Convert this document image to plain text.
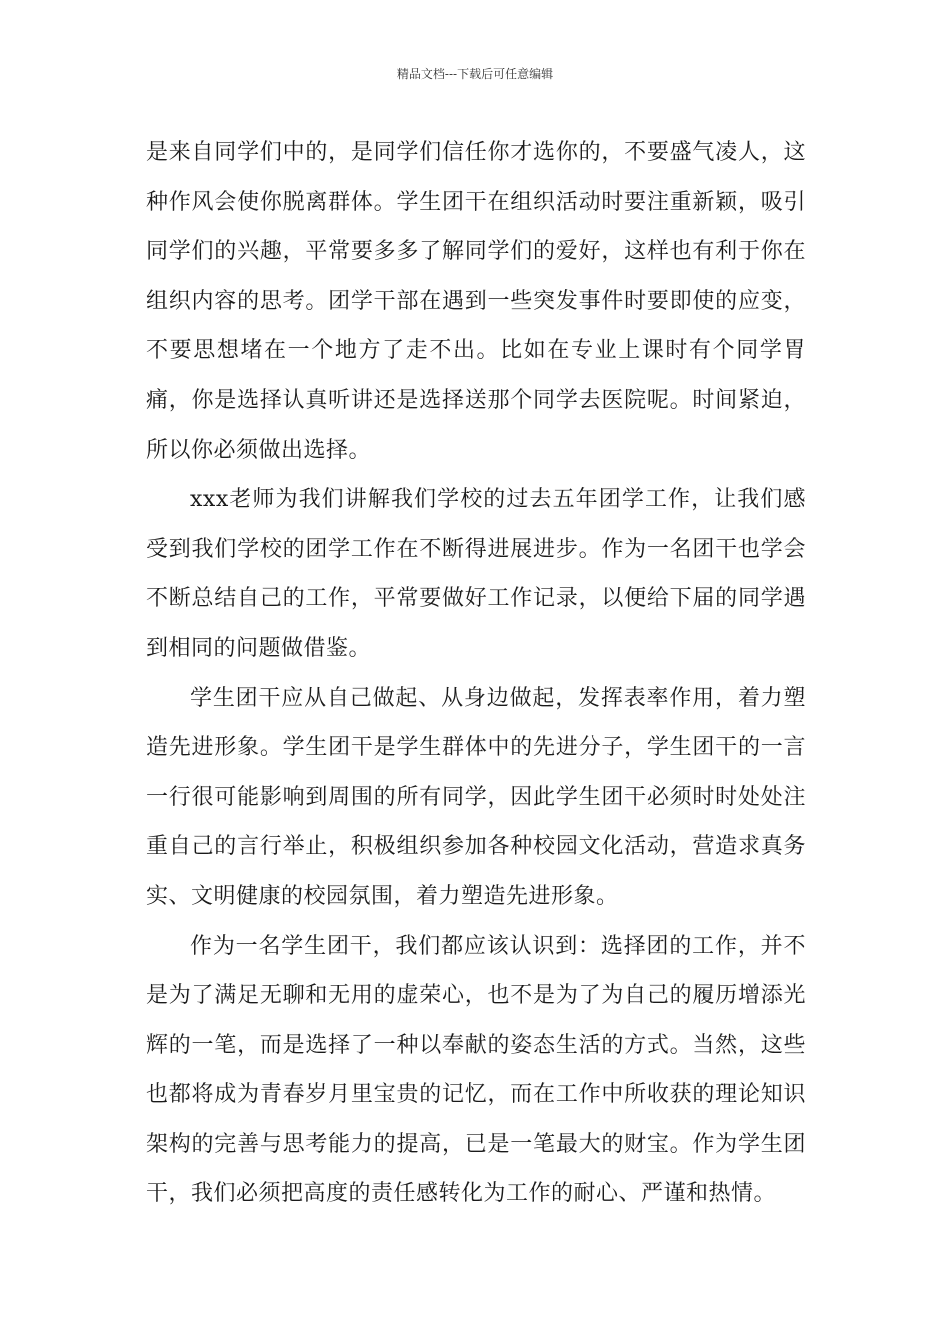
精品文档---下载后可任意编辑

是来自同学们中的，是同学们信任你才选你的，不要盛气凌人，这种作风会使你脱离群体。学生团干在组织活动时要注重新颖，吸引同学们的兴趣，平常要多多了解同学们的爱好，这样也有利于你在组织内容的思考。团学干部在遇到一些突发事件时要即使的应变，不要思想堵在一个地方了走不出。比如在专业上课时有个同学胃痛，你是选择认真听讲还是选择送那个同学去医院呢。时间紧迫，所以你必须做出选择。

xxx老师为我们讲解我们学校的过去五年团学工作，让我们感受到我们学校的团学工作在不断得进展进步。作为一名团干也学会不断总结自己的工作，平常要做好工作记录，以便给下届的同学遇到相同的问题做借鉴。

学生团干应从自己做起、从身边做起，发挥表率作用，着力塑造先进形象。学生团干是学生群体中的先进分子，学生团干的一言一行很可能影响到周围的所有同学，因此学生团干必须时时处处注重自己的言行举止，积极组织参加各种校园文化活动，营造求真务实、文明健康的校园氛围，着力塑造先进形象。

作为一名学生团干，我们都应该认识到：选择团的工作，并不是为了满足无聊和无用的虚荣心，也不是为了为自己的履历增添光辉的一笔，而是选择了一种以奉献的姿态生活的方式。当然，这些也都将成为青春岁月里宝贵的记忆，而在工作中所收获的理论知识架构的完善与思考能力的提高，已是一笔最大的财宝。作为学生团干，我们必须把高度的责任感转化为工作的耐心、严谨和热情。
